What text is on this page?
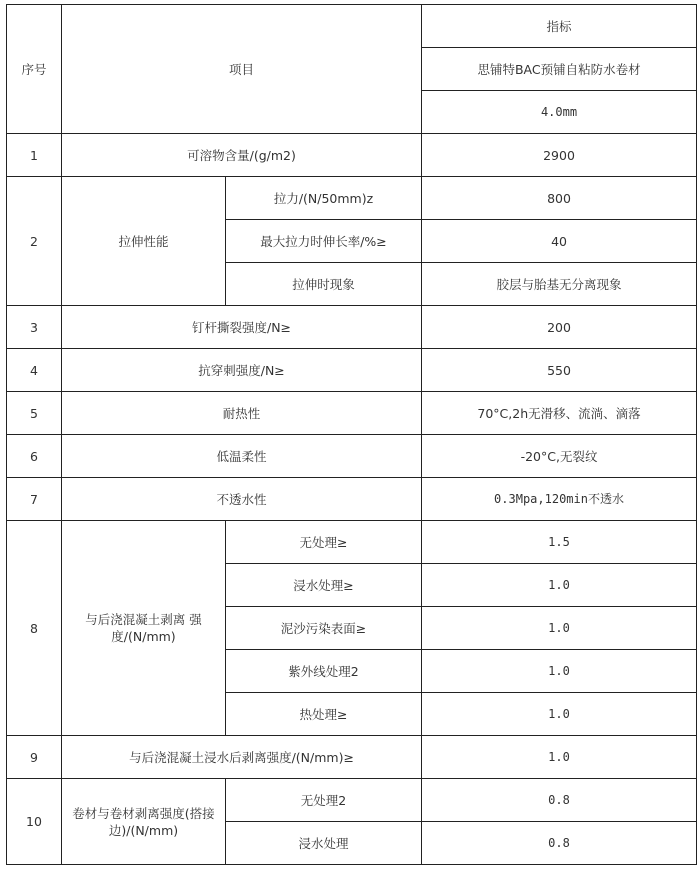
序号	项目		指标
			思铺特BAC预铺自粘防水卷材
			4.0mm
1	可溶物含量/(g/m2)		2900
2	拉伸性能	拉力/(N/50mm)z	800
		最大拉力时伸长率/%≥	40
		拉伸时现象	胶层与胎基无分离现象
3	钉杆撕裂强度/N≥		200
4	抗穿刺强度/N≥		550
5	耐热性		70°C,2h无滑移、流淌、滴落
6	低温柔性		-20°C,无裂纹
7	不透水性		0.3Mpa,120min不透水
8	与后浇混凝土剥离 强度/(N/mm)	无处理≥	1.5
		浸水处理≥	1.0
		泥沙污染表面≥	1.0
		紫外线处理2	1.0
		热处理≥	1.0
9	与后浇混凝土浸水后剥离强度/(N/mm)≥		1.0
10	卷材与卷材剥离强度(搭接边)/(N/mm)	无处理2	0.8
		浸水处理	0.8
